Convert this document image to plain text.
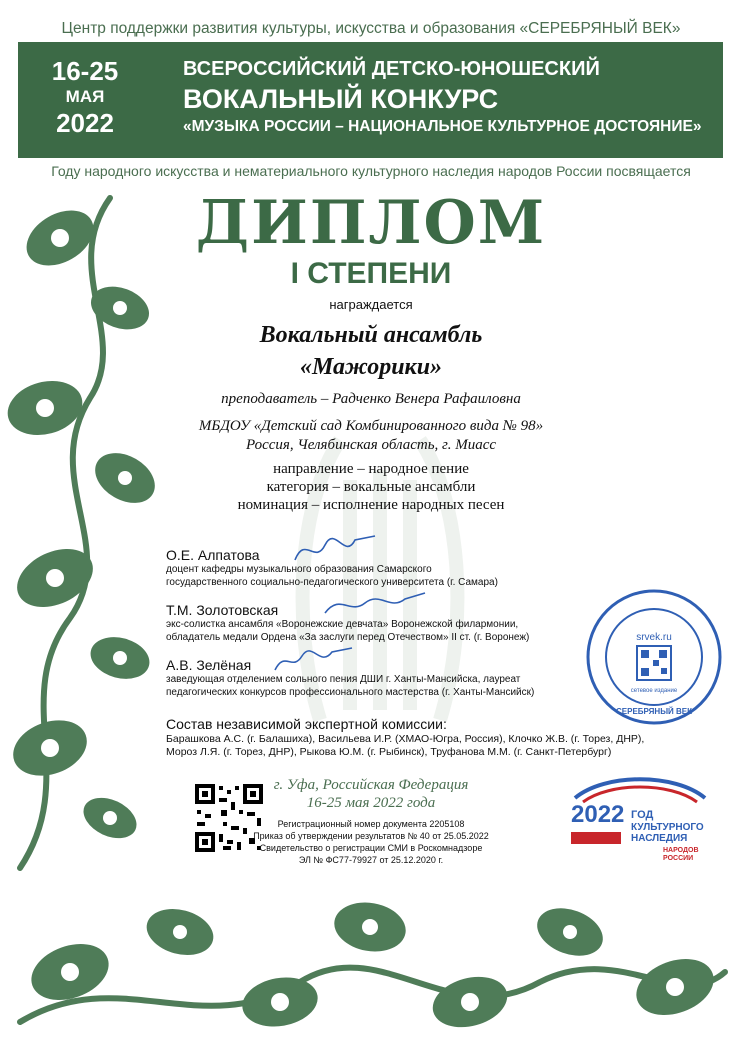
Центр поддержки развития культуры, искусства и образования «СЕРЕБРЯНЫЙ ВЕК»
16-25
МАЯ
2022
ВСЕРОССИЙСКИЙ ДЕТСКО-ЮНОШЕСКИЙ
ВОКАЛЬНЫЙ КОНКУРС
«МУЗЫКА РОССИИ – НАЦИОНАЛЬНОЕ КУЛЬТУРНОЕ ДОСТОЯНИЕ»
Году народного искусства и нематериального культурного наследия народов России посвящается
ДИПЛОМ
I СТЕПЕНИ
награждается
Вокальный ансамбль
«Мажорики»
преподаватель – Радченко Венера Рафаиловна
МБДОУ «Детский сад Комбинированного вида № 98»
Россия, Челябинская область, г. Миасс
направление – народное пение
категория – вокальные ансамбли
номинация – исполнение народных песен
О.Е. Алпатова
доцент кафедры музыкального образования Самарского
государственного социально-педагогического университета (г. Самара)
Т.М. Золотовская
экс-солистка ансамбля «Воронежские девчата» Воронежской филармонии,
обладатель медали Ордена «За заслуги перед Отечеством» II ст. (г. Воронеж)
А.В. Зелёная
заведующая отделением сольного пения ДШИ г. Ханты-Мансийска, лауреат
педагогических конкурсов профессионального мастерства (г. Ханты-Мансийск)
Состав независимой экспертной комиссии:
Барашкова А.С. (г. Балашиха), Васильева И.Р. (ХМАО-Югра, Россия), Клочко Ж.В. (г. Торез, ДНР),
Мороз Л.Я. (г. Торез, ДНР), Рыкова Ю.М. (г. Рыбинск), Труфанова М.М. (г. Санкт-Петербург)
srvek.ru
сетевое издание
СЕРЕБРЯНЫЙ ВЕК
г. Уфа, Российская Федерация
16-25 мая 2022 года
Регистрационный номер документа 2205108
Приказ об утверждении результатов № 40 от 25.05.2022
Свидетельство о регистрации СМИ в Роскомнадзоре
ЭЛ № ФС77-79927 от 25.12.2020 г.
2022 ГОД
КУЛЬТУРНОГО
НАСЛЕДИЯ
НАРОДОВ
РОССИИ
